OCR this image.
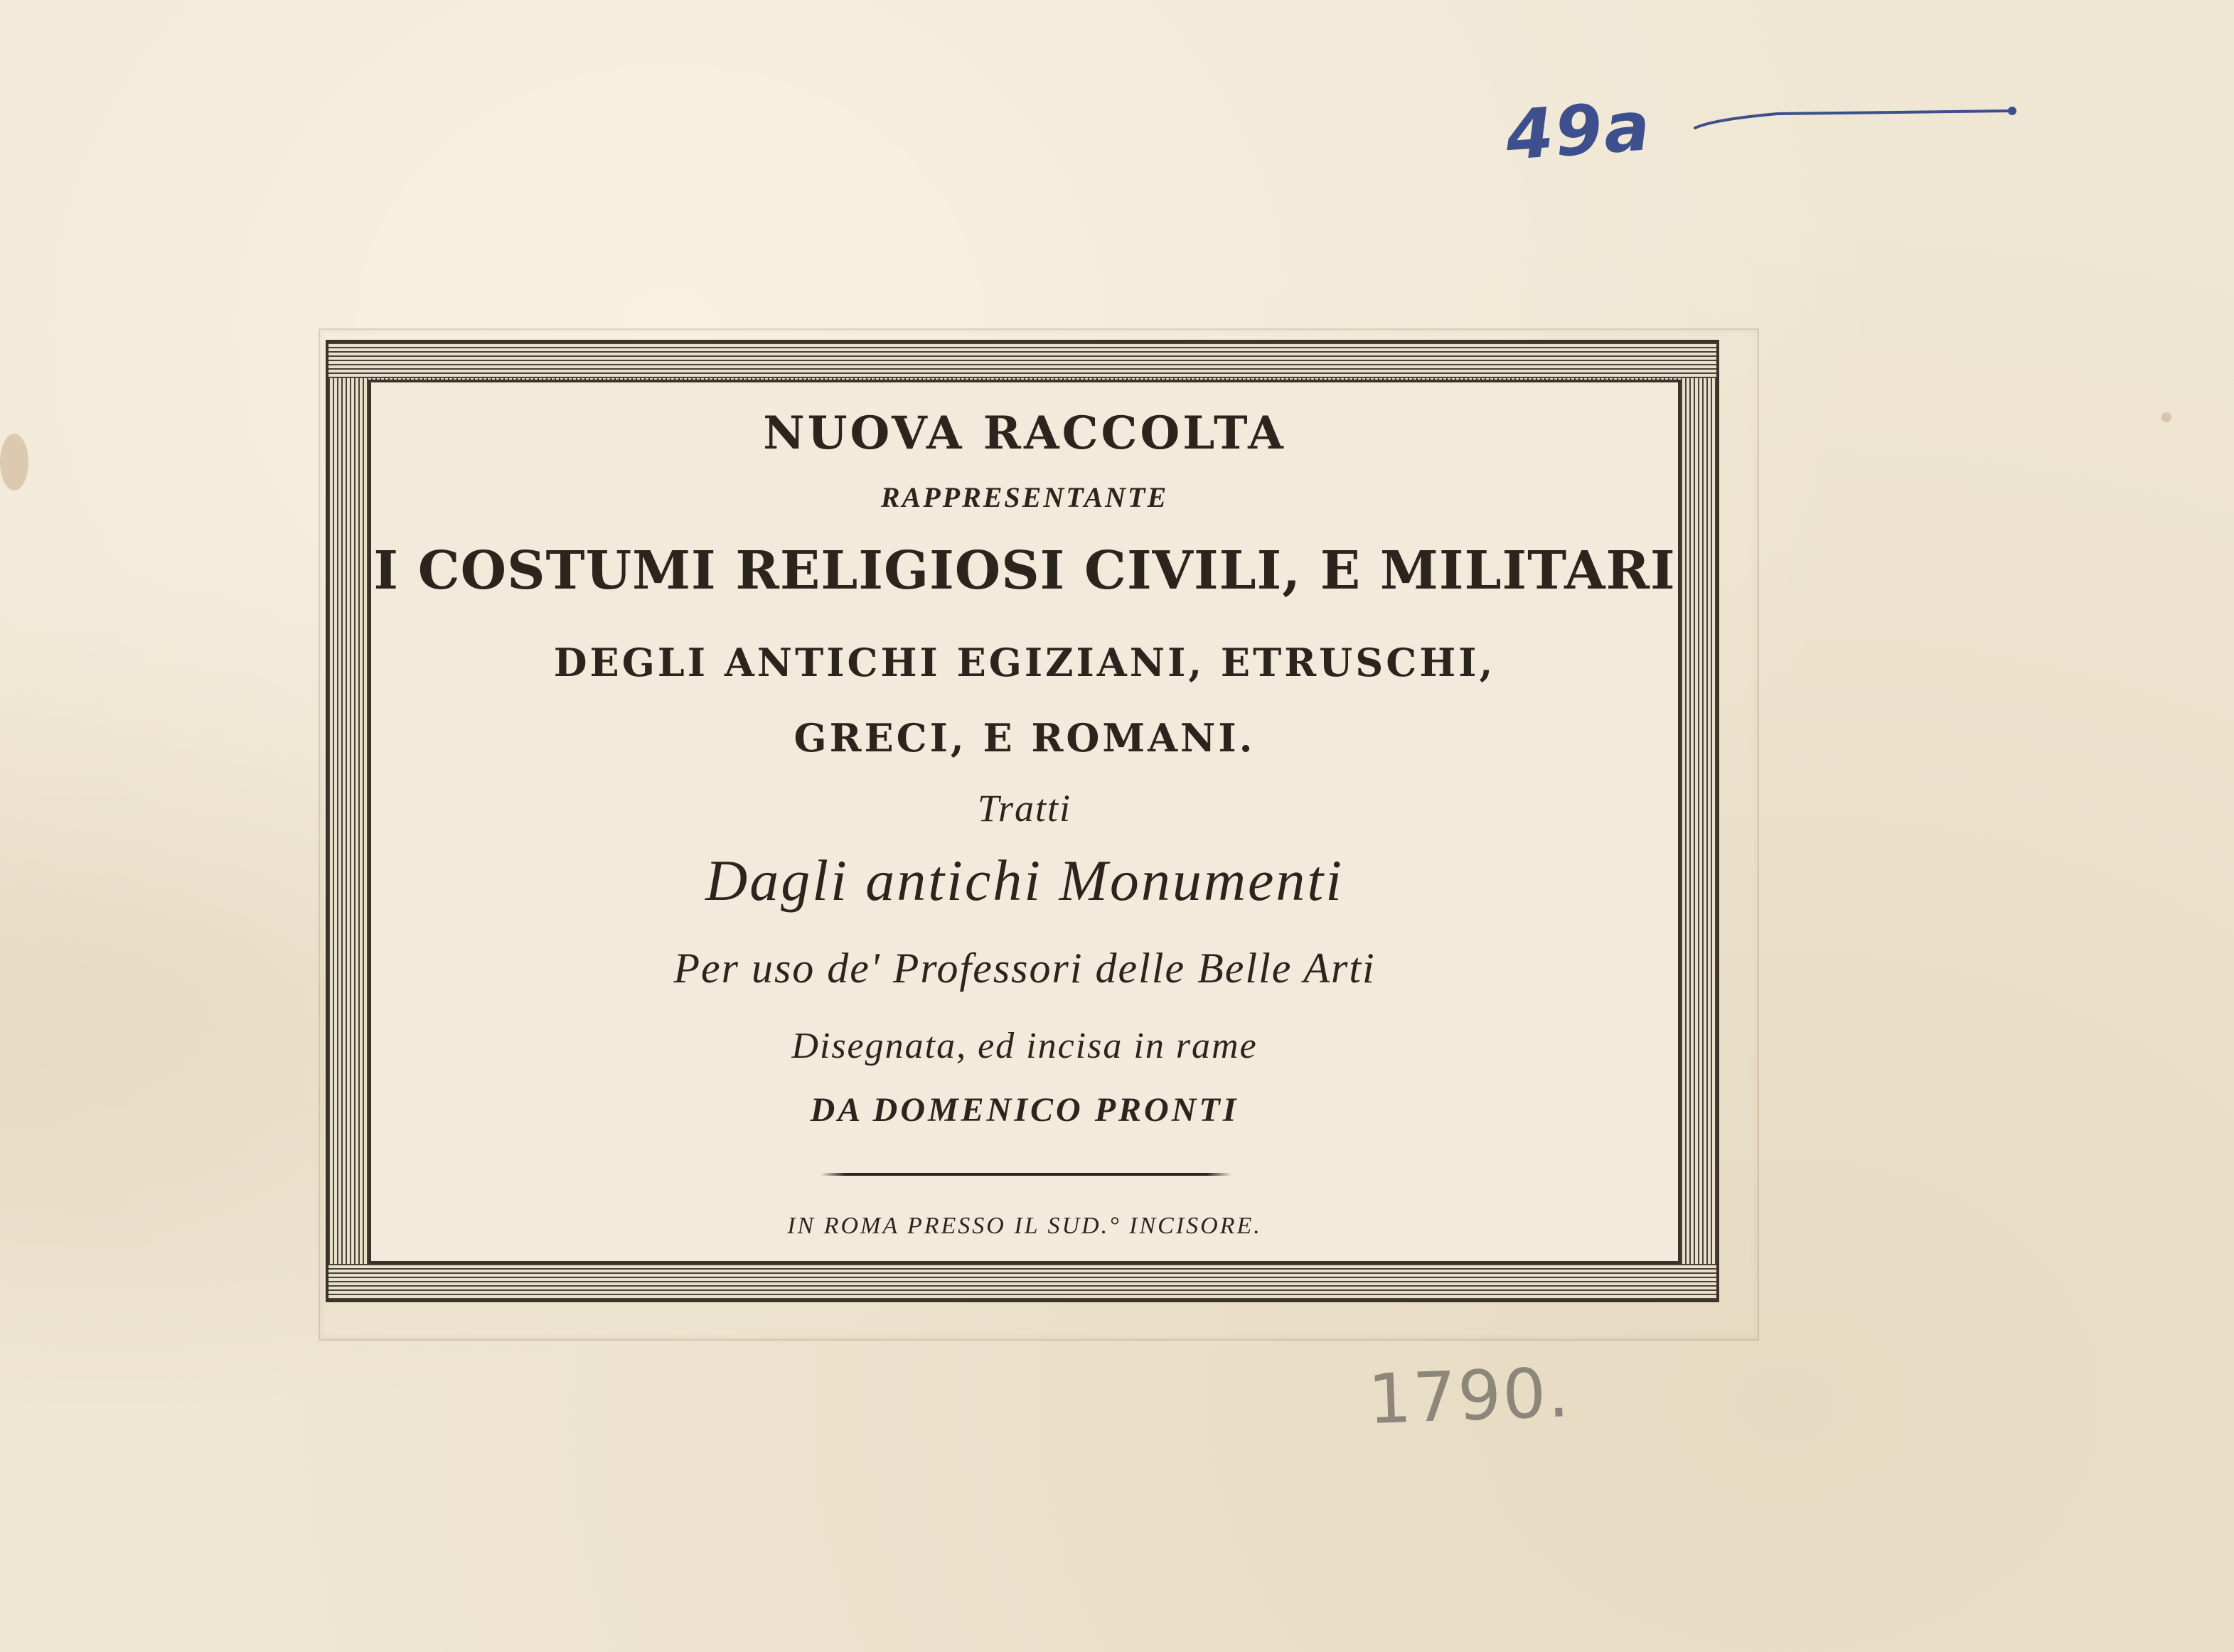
49a
NUOVA RACCOLTA
RAPPRESENTANTE
I COSTUMI RELIGIOSI CIVILI, E MILITARI
DEGLI ANTICHI EGIZIANI, ETRUSCHI,
GRECI, E ROMANI.
Tratti
Dagli antichi Monumenti
Per uso de' Professori delle Belle Arti
Disegnata, ed incisa in rame
DA DOMENICO PRONTI
IN ROMA PRESSO IL SUD.° INCISORE.
1790.
